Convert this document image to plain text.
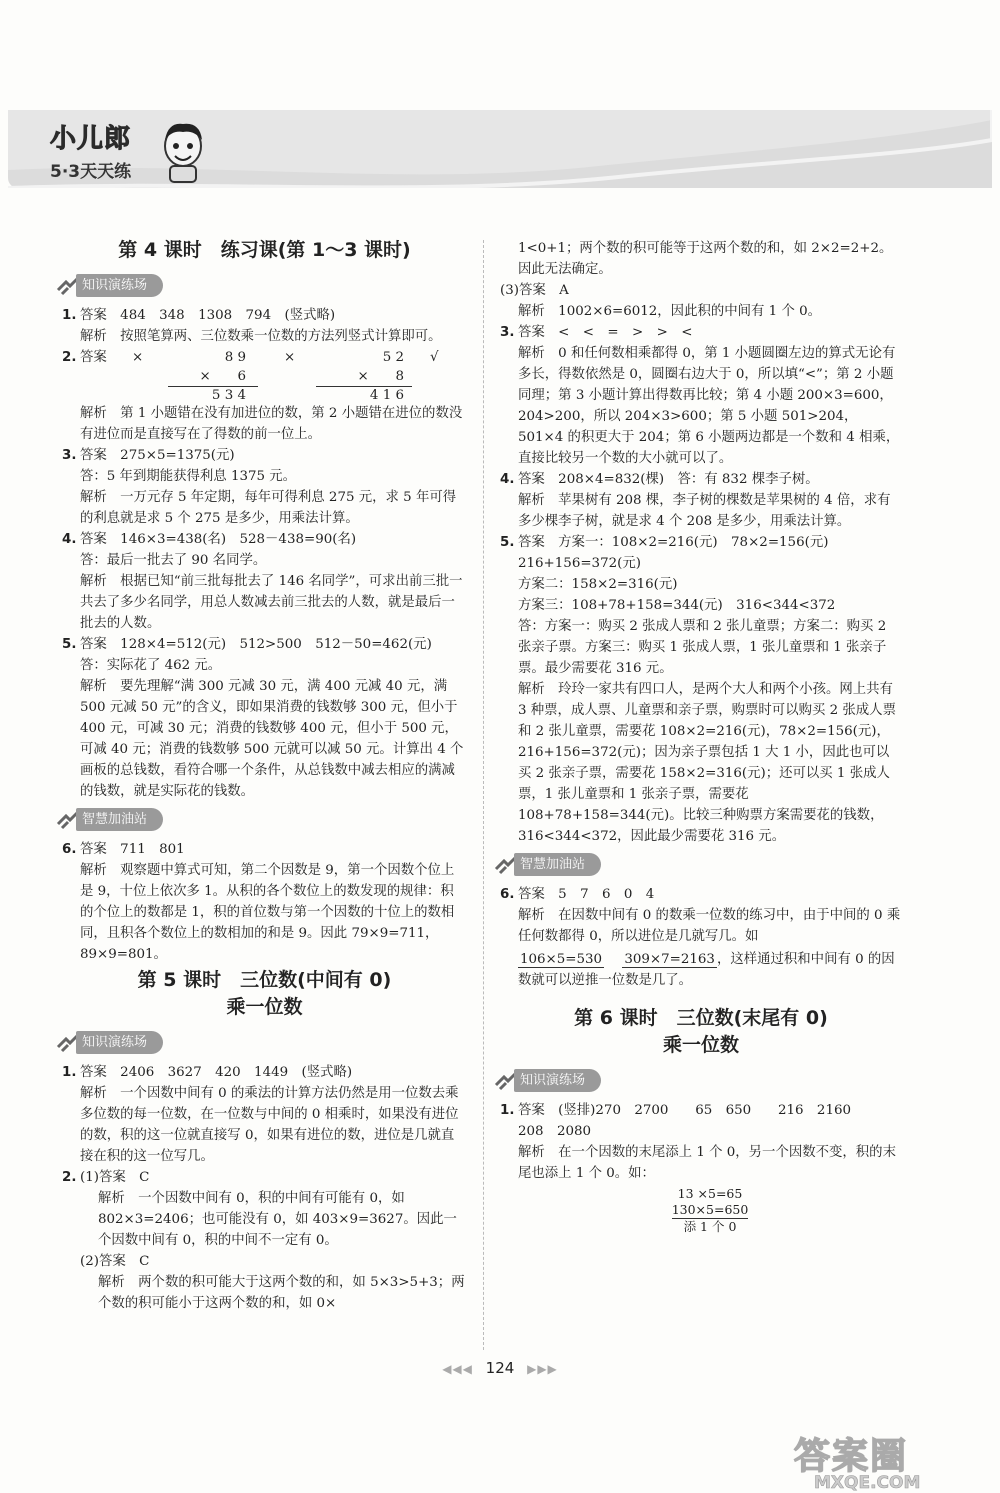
小儿郎
5·3天天练
第 4 课时　练习课(第 1～3 课时)
知识演练场
1. 答案　484　348　1308　794　(竖式略)
解析　按照笔算两、三位数乘一位数的方法列竖式计算即可。
2. 答案 ×	8 9
×　　6
5 3 4
×	5 2
×　　8
4 1 6
√
解析　第 1 小题错在没有加进位的数，第 2 小题错在进位的数没有进位而是直接写在了得数的前一位上。
3. 答案　275×5=1375(元)
答：5 年到期能获得利息 1375 元。
解析　一万元存 5 年定期，每年可得利息 275 元，求 5 年可得的利息就是求 5 个 275 是多少，用乘法计算。
4. 答案　146×3=438(名)　528－438=90(名)
答：最后一批去了 90 名同学。
解析　根据已知“前三批每批去了 146 名同学”，可求出前三批一共去了多少名同学，用总人数减去前三批去的人数，就是最后一批去的人数。
5. 答案　128×4=512(元)　512>500　512－50=462(元)
答：实际花了 462 元。
解析　要先理解“满 300 元减 30 元，满 400 元减 40 元，满 500 元减 50 元”的含义，即如果消费的钱数够 300 元，但小于 400 元，可减 30 元；消费的钱数够 400 元，但小于 500 元，可减 40 元；消费的钱数够 500 元就可以减 50 元。计算出 4 个画板的总钱数，看符合哪一个条件，从总钱数中减去相应的满减的钱数，就是实际花的钱数。
智慧加油站
6. 答案　711　801
解析　观察题中算式可知，第二个因数是 9，第一个因数个位上是 9，十位上依次多 1。从积的各个数位上的数发现的规律：积的个位上的数都是 1，积的首位数与第一个因数的十位上的数相同，且积各个数位上的数相加的和是 9。因此 79×9=711，89×9=801。
第 5 课时　三位数(中间有 0)
乘一位数
知识演练场
1. 答案　2406　3627　420　1449　(竖式略)
解析　一个因数中间有 0 的乘法的计算方法仍然是用一位数去乘多位数的每一位数，在一位数与中间的 0 相乘时，如果没有进位的数，积的这一位就直接写 0，如果有进位的数，进位是几就直接在积的这一位写几。
2. (1)答案　C
解析　一个因数中间有 0，积的中间有可能有 0，如 802×3=2406；也可能没有 0，如 403×9=3627。因此一个因数中间有 0，积的中间不一定有 0。
(2)答案　C
解析　两个数的积可能大于这两个数的和，如 5×3>5+3；两个数的积可能小于这两个数的和，如 0×
1<0+1；两个数的积可能等于这两个数的和，如 2×2=2+2。因此无法确定。
(3)答案　A
解析　1002×6=6012，因此积的中间有 1 个 0。
3. 答案　<　<　=　>　>　<
解析　0 和任何数相乘都得 0，第 1 小题圆圈左边的算式无论有多长，得数依然是 0，圆圈右边大于 0，所以填“<”；第 2 小题同理；第 3 小题计算出得数再比较；第 4 小题 200×3=600，204>200，所以 204×3>600；第 5 小题 501>204，501×4 的积更大于 204；第 6 小题两边都是一个数和 4 相乘，直接比较另一个数的大小就可以了。
4. 答案　208×4=832(棵)　答：有 832 棵李子树。
解析　苹果树有 208 棵，李子树的棵数是苹果树的 4 倍，求有多少棵李子树，就是求 4 个 208 是多少，用乘法计算。
5. 答案　方案一：108×2=216(元)　78×2=156(元)
216+156=372(元)
方案二：158×2=316(元)
方案三：108+78+158=344(元)　316<344<372
答：方案一：购买 2 张成人票和 2 张儿童票；方案二：购买 2 张亲子票。方案三：购买 1 张成人票，1 张儿童票和 1 张亲子票。最少需要花 316 元。
解析　玲玲一家共有四口人，是两个大人和两个小孩。网上共有 3 种票，成人票、儿童票和亲子票，购票时可以购买 2 张成人票和 2 张儿童票，需要花 108×2=216(元)，78×2=156(元)，216+156=372(元)；因为亲子票包括 1 大 1 小，因此也可以买 2 张亲子票，需要花 158×2=316(元)；还可以买 1 张成人票，1 张儿童票和 1 张亲子票，需要花 108+78+158=344(元)。比较三种购票方案需要花的钱数，316<344<372，因此最少需要花 316 元。
智慧加油站
6. 答案　5　7　6　0　4
解析　在因数中间有 0 的数乘一位数的练习中，由于中间的 0 乘任何数都得 0，所以进位是几就写几。如
106×5=530 309×7=2163 ，这样通过积和中间有 0 的因数就可以逆推一位数是几了。
第 6 课时　三位数(末尾有 0)
乘一位数
知识演练场
1. 答案　(竖排)270　2700　　65　650　　216　2160
208　2080
解析　在一个因数的末尾添上 1 个 0，另一个因数不变，积的末尾也添上 1 个 0。如：
13 ×5=65
130×5=650
添 1 个 0
◀◀◀ 124 ▶▶▶
答案圈
MXQE.COM
